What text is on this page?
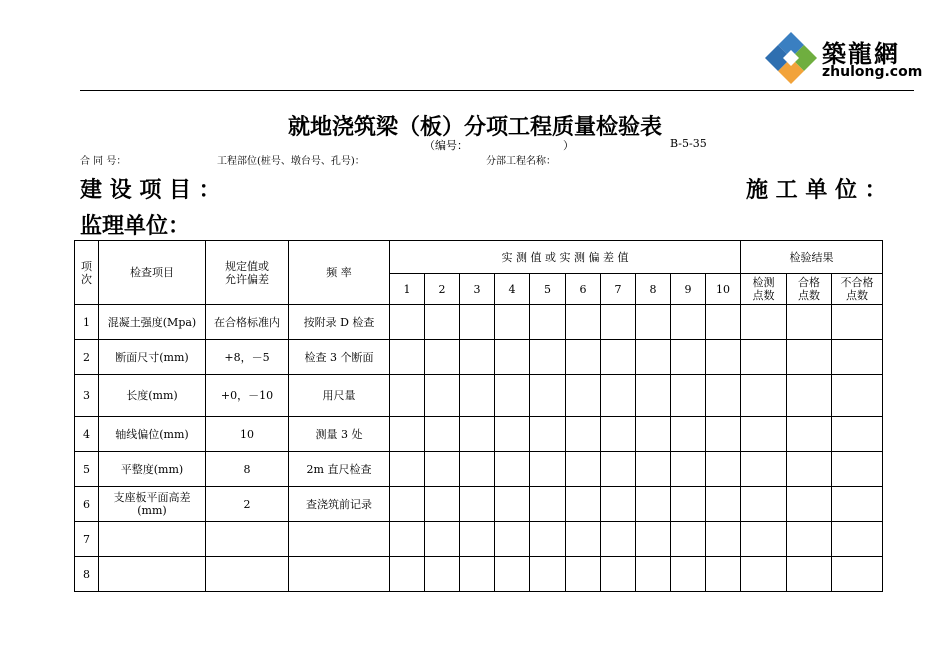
築龍網
zhulong.com
就地浇筑梁（板）分项工程质量检验表
（编号：	）	B-5-35
合 同 号：	工程部位(桩号、墩台号、孔号)：	分部工程名称：
建 设 项 目 ：	施 工 单 位 ：
监理单位：
项次	检查项目	规定值或允许偏差	频 率	实 测 值 或 实 测 偏 差 值										检验结果		
				1	2	3	4	5	6	7	8	9	10	检测点数	合格点数	不合格点数
1	混凝土强度(Mpa)	在合格标准内	按附录 D 检查													
2	断面尺寸(mm)	+8，－5	检查 3 个断面													
3	长度(mm)	+0，－10	用尺量													
4	轴线偏位(mm)	10	测量 3 处													
5	平整度(mm)	8	2m 直尺检查													
6	支座板平面高差(mm)	2	查浇筑前记录													
7																
8																
